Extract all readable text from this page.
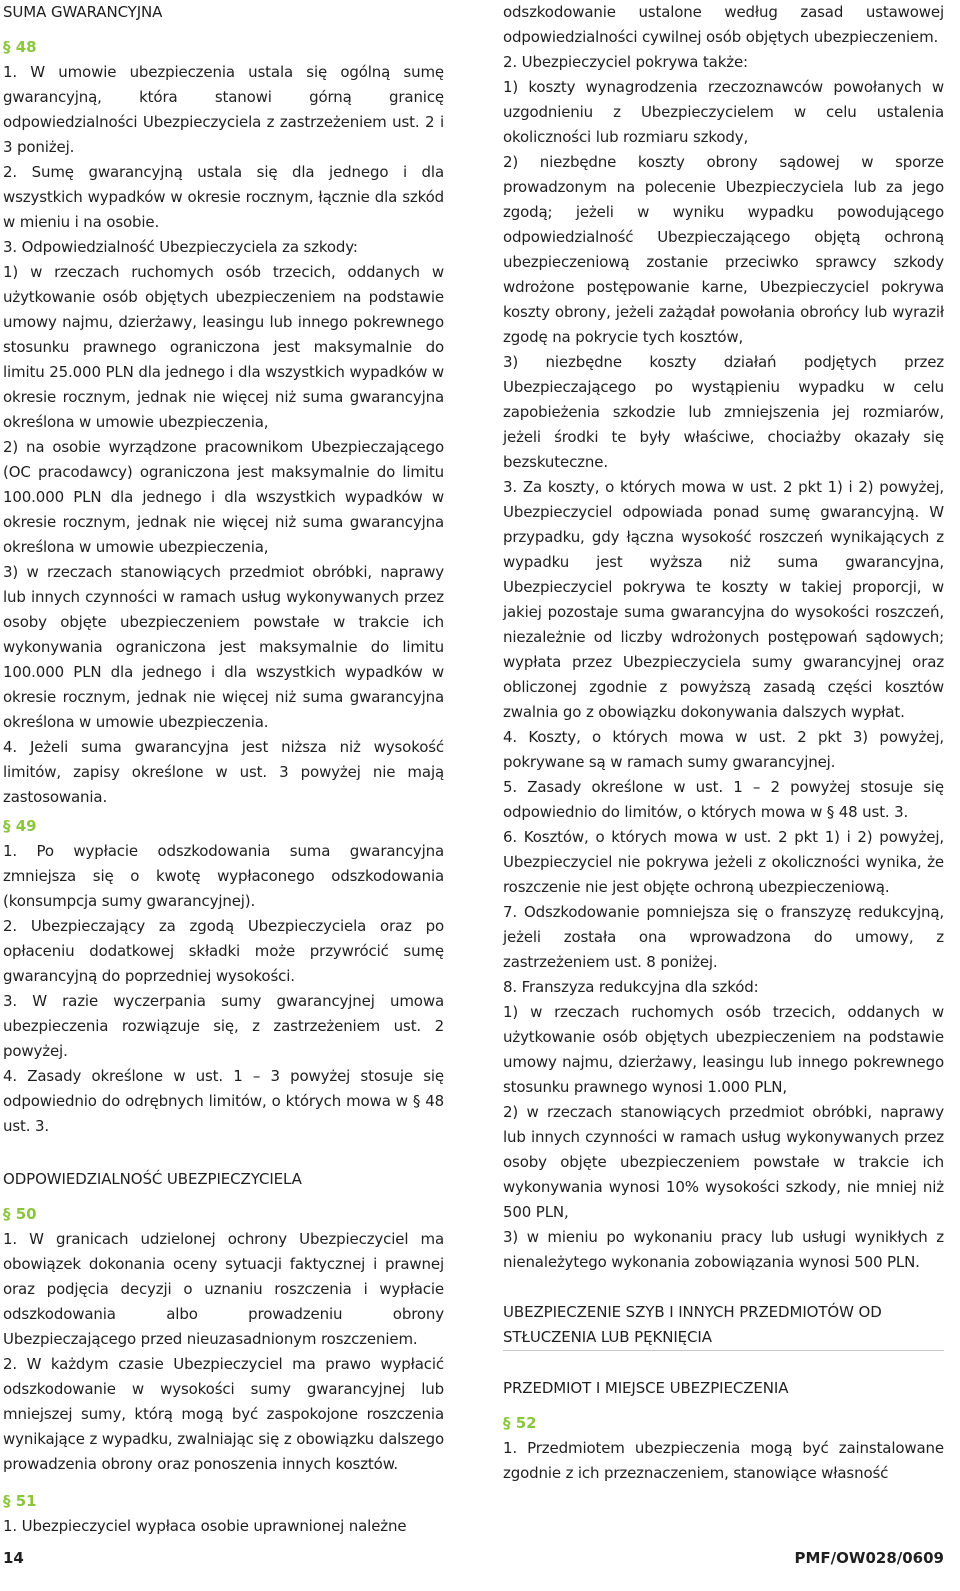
SUMA GWARANCYJNA
§ 48

1. W umowie ubezpieczenia ustala się ogólną sumę gwarancyjną, która stanowi górną granicę odpowiedzialności Ubezpieczyciela z zastrzeżeniem ust. 2 i 3 poniżej.

2. Sumę gwarancyjną ustala się dla jednego i dla wszystkich wypadków w okresie rocznym, łącznie dla szkód w mieniu i na osobie.

3. Odpowiedzialność Ubezpieczyciela za szkody:

1) w rzeczach ruchomych osób trzecich, oddanych w użytkowanie osób objętych ubezpieczeniem na podstawie umowy najmu, dzierżawy, leasingu lub innego pokrewnego stosunku prawnego ograniczona jest maksymalnie do limitu 25.000 PLN dla jednego i dla wszystkich wypadków w okresie rocznym, jednak nie więcej niż suma gwarancyjna określona w umowie ubezpieczenia,

2) na osobie wyrządzone pracownikom Ubezpieczającego (OC pracodawcy) ograniczona jest maksymalnie do limitu 100.000 PLN dla jednego i dla wszystkich wypadków w okresie rocznym, jednak nie więcej niż suma gwarancyjna określona w umowie ubezpieczenia,

3) w rzeczach stanowiących przedmiot obróbki, naprawy lub innych czynności w ramach usług wykonywanych przez osoby objęte ubezpieczeniem powstałe w trakcie ich wykonywania ograniczona jest maksymalnie do limitu 100.000 PLN dla jednego i dla wszystkich wypadków w okresie rocznym, jednak nie więcej niż suma gwarancyjna określona w umowie ubezpieczenia.

4. Jeżeli suma gwarancyjna jest niższa niż wysokość limitów, zapisy określone w ust. 3 powyżej nie mają zastosowania.

§ 49

1. Po wypłacie odszkodowania suma gwarancyjna zmniejsza się o kwotę wypłaconego odszkodowania (konsumpcja sumy gwarancyjnej).

2. Ubezpieczający za zgodą Ubezpieczyciela oraz po opłaceniu dodatkowej składki może przywrócić sumę gwarancyjną do poprzedniej wysokości.

3. W razie wyczerpania sumy gwarancyjnej umowa ubezpieczenia rozwiązuje się, z zastrzeżeniem ust. 2 powyżej.

4. Zasady określone w ust. 1 – 3 powyżej stosuje się odpowiednio do odrębnych limitów, o których mowa w § 48 ust. 3.

ODPOWIEDZIALNOŚĆ UBEZPIECZYCIELA
§ 50

1. W granicach udzielonej ochrony Ubezpieczyciel ma obowiązek dokonania oceny sytuacji faktycznej i prawnej oraz podjęcia decyzji o uznaniu roszczenia i wypłacie odszkodowania albo prowadzeniu obrony Ubezpieczającego przed nieuzasadnionym roszczeniem.

2. W każdym czasie Ubezpieczyciel ma prawo wypłacić odszkodowanie w wysokości sumy gwarancyjnej lub mniejszej sumy, którą mogą być zaspokojone roszczenia wynikające z wypadku, zwalniając się z obowiązku dalszego prowadzenia obrony oraz ponoszenia innych kosztów.

§ 51

1. Ubezpieczyciel wypłaca osobie uprawnionej należne

odszkodowanie ustalone według zasad ustawowej odpowiedzialności cywilnej osób objętych ubezpieczeniem.

2. Ubezpieczyciel pokrywa także:

1) koszty wynagrodzenia rzeczoznawców powołanych w uzgodnieniu z Ubezpieczycielem w celu ustalenia okoliczności lub rozmiaru szkody,

2) niezbędne koszty obrony sądowej w sporze prowadzonym na polecenie Ubezpieczyciela lub za jego zgodą; jeżeli w wyniku wypadku powodującego odpowiedzialność Ubezpieczającego objętą ochroną ubezpieczeniową zostanie przeciwko sprawcy szkody wdrożone postępowanie karne, Ubezpieczyciel pokrywa koszty obrony, jeżeli zażądał powołania obrońcy lub wyraził zgodę na pokrycie tych kosztów,

3) niezbędne koszty działań podjętych przez Ubezpieczającego po wystąpieniu wypadku w celu zapobieżenia szkodzie lub zmniejszenia jej rozmiarów, jeżeli środki te były właściwe, chociażby okazały się bezskuteczne.

3. Za koszty, o których mowa w ust. 2 pkt 1) i 2) powyżej, Ubezpieczyciel odpowiada ponad sumę gwarancyjną. W przypadku, gdy łączna wysokość roszczeń wynikających z wypadku jest wyższa niż suma gwarancyjna, Ubezpieczyciel pokrywa te koszty w takiej proporcji, w jakiej pozostaje suma gwarancyjna do wysokości roszczeń, niezależnie od liczby wdrożonych postępowań sądowych; wypłata przez Ubezpieczyciela sumy gwarancyjnej oraz obliczonej zgodnie z powyższą zasadą części kosztów zwalnia go z obowiązku dokonywania dalszych wypłat.

4. Koszty, o których mowa w ust. 2 pkt 3) powyżej, pokrywane są w ramach sumy gwarancyjnej.

5. Zasady określone w ust. 1 – 2 powyżej stosuje się odpowiednio do limitów, o których mowa w § 48 ust. 3.

6. Kosztów, o których mowa w ust. 2 pkt 1) i 2) powyżej, Ubezpieczyciel nie pokrywa jeżeli z okoliczności wynika, że roszczenie nie jest objęte ochroną ubezpieczeniową.

7. Odszkodowanie pomniejsza się o franszyzę redukcyjną, jeżeli została ona wprowadzona do umowy, z zastrzeżeniem ust. 8 poniżej.

8. Franszyza redukcyjna dla szkód:

1) w rzeczach ruchomych osób trzecich, oddanych w użytkowanie osób objętych ubezpieczeniem na podstawie umowy najmu, dzierżawy, leasingu lub innego pokrewnego stosunku prawnego wynosi 1.000 PLN,

2) w rzeczach stanowiących przedmiot obróbki, naprawy lub innych czynności w ramach usług wykonywanych przez osoby objęte ubezpieczeniem powstałe w trakcie ich wykonywania wynosi 10% wysokości szkody, nie mniej niż 500 PLN,

3) w mieniu po wykonaniu pracy lub usługi wynikłych z nienależytego wykonania zobowiązania wynosi 500 PLN.

UBEZPIECZENIE SZYB I INNYCH PRZEDMIOTÓW OD STŁUCZENIA LUB PĘKNIĘCIA
PRZEDMIOT I MIEJSCE UBEZPIECZENIA
§ 52

1. Przedmiotem ubezpieczenia mogą być zainstalowane zgodnie z ich przeznaczeniem, stanowiące własność

14	PMF/OW028/0609
